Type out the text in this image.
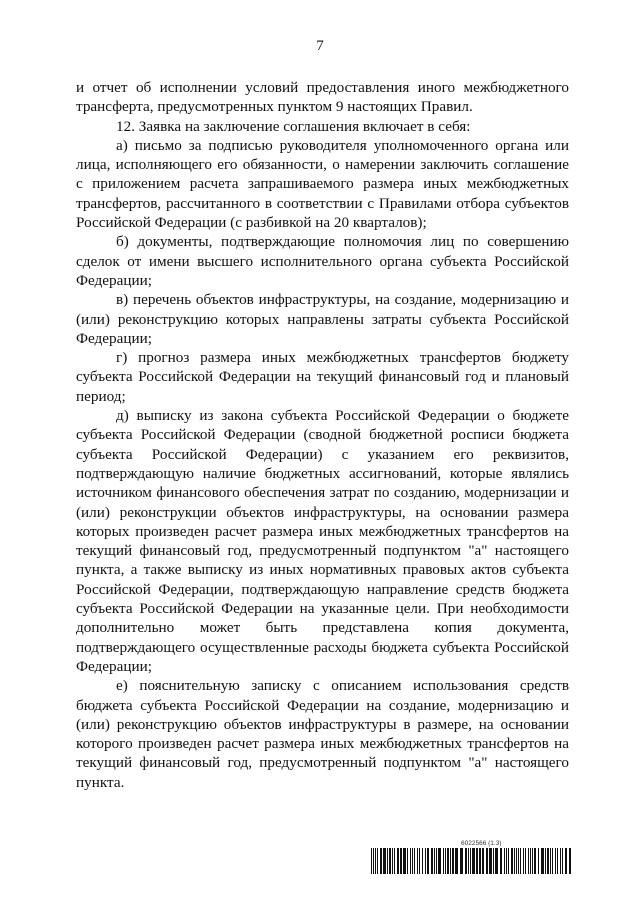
7

и отчет об исполнении условий предоставления иного межбюджетного трансферта, предусмотренных пунктом 9 настоящих Правил.

12. Заявка на заключение соглашения включает в себя:

а) письмо за подписью руководителя уполномоченного органа или лица, исполняющего его обязанности, о намерении заключить соглашение с приложением расчета запрашиваемого размера иных межбюджетных трансфертов, рассчитанного в соответствии с Правилами отбора субъектов Российской Федерации (с разбивкой на 20 кварталов);

б) документы, подтверждающие полномочия лиц по совершению сделок от имени высшего исполнительного органа субъекта Российской Федерации;

в) перечень объектов инфраструктуры, на создание, модернизацию и (или) реконструкцию которых направлены затраты субъекта Российской Федерации;

г) прогноз размера иных межбюджетных трансфертов бюджету субъекта Российской Федерации на текущий финансовый год и плановый период;

д) выписку из закона субъекта Российской Федерации о бюджете субъекта Российской Федерации (сводной бюджетной росписи бюджета субъекта Российской Федерации) с указанием его реквизитов, подтверждающую наличие бюджетных ассигнований, которые являлись источником финансового обеспечения затрат по созданию, модернизации и (или) реконструкции объектов инфраструктуры, на основании размера которых произведен расчет размера иных межбюджетных трансфертов на текущий финансовый год, предусмотренный подпунктом "а" настоящего пункта, а также выписку из иных нормативных правовых актов субъекта Российской Федерации, подтверждающую направление средств бюджета субъекта Российской Федерации на указанные цели. При необходимости дополнительно может быть представлена копия документа, подтверждающего осуществленные расходы бюджета субъекта Российской Федерации;

е) пояснительную записку с описанием использования средств бюджета субъекта Российской Федерации на создание, модернизацию и (или) реконструкцию объектов инфраструктуры в размере, на основании которого произведен расчет размера иных межбюджетных трансфертов на текущий финансовый год, предусмотренный подпунктом "а" настоящего пункта.

6022566 (1.3)
